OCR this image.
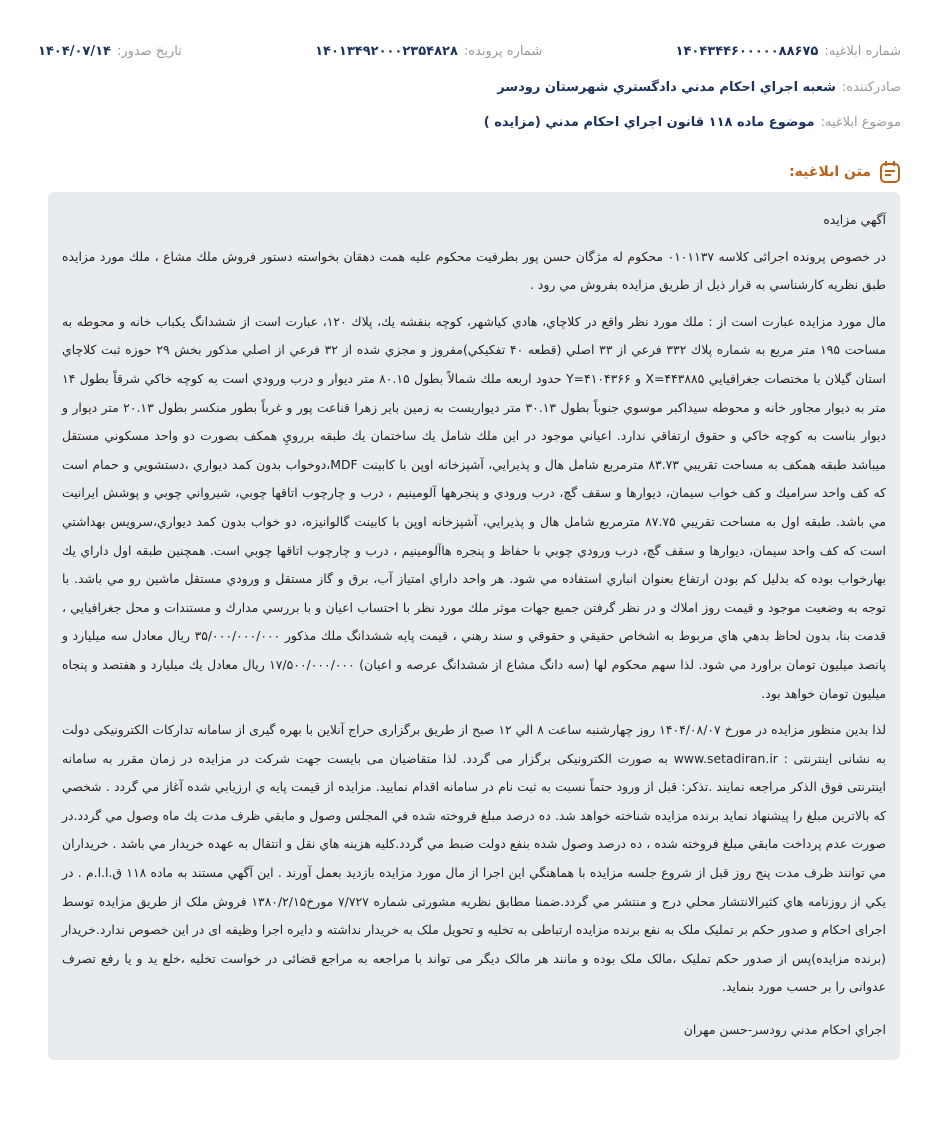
شماره ابلاغیه:
۱۴۰۴۳۴۴۶۰۰۰۰۰۸۸۶۷۵
شماره پرونده:
۱۴۰۱۳۴۹۲۰۰۰۲۳۵۴۸۲۸
تاریخ صدور:
۱۴۰۴/۰۷/۱۴
صادرکننده:
شعبه اجراي احكام مدني دادگستري شهرستان رودسر
موضوع ابلاغیه:
موضوع ماده ۱۱۸ قانون اجراي احكام مدني (مزايده )
متن ابلاغیه:

آگهي مزايده

در خصوص پرونده اجرائی کلاسه ۰۱۰۱۱۳۷ محکوم له مژگان حسن پور بطرفیت محکوم علیه همت دهقان بخواسته دستور فروش ملك مشاع ، ملك مورد مزايده طبق نظريه كارشناسي به قرار ذيل از طريق مزايده بفروش مي رود .

مال مورد مزايده عبارت است از : ملك مورد نظر واقع در كلاچاي، هادي كياشهر، كوچه بنفشه يك، پلاك ۱۲۰، عبارت است از ششدانگ يكباب خانه و محوطه به مساحت ۱۹۵ متر مربع به شماره پلاك ۳۳۲ فرعي از ۳۳ اصلي (قطعه ۴۰ تفكيكي)مفروز و مجزي شده از ۳۲ فرعي از اصلي مذكور بخش ۲۹ حوزه ثبت كلاچاي استان گيلان با مختصات جغرافيايي X=۴۴۳۸۸۵ و Y=۴۱۰۴۳۶۶ حدود اربعه ملك شمالاً بطول ۸۰.۱۵ متر ديوار و درب ورودي است به كوچه خاكي شرقاً بطول ۱۴ متر به ديوار مجاور خانه و محوطه سيداكبر موسوي جنوباً بطول ۳۰.۱۳ متر ديواريست به زمين باير زهرا قناعت پور و غرباً بطور منكسر بطول ۲۰.۱۳ متر ديوار و ديوار بناست به كوچه خاكي و حقوق ارتفاقي ندارد. اعياني موجود در اين ملك شامل يك ساختمان يك طبقه بررويِ همكف بصورت دو واحد مسكوني مستقل ميباشد طبقه همكف به مساحت تقريبي ۸۳.۷۳ مترمربع شامل هال و پذيرايي، آشپزخانه اوپن با كابينت MDF،دوخواب بدون كمد ديواري ،دستشويي و حمام است كه كف واحد سراميك و كف خواب سيمان، ديوارها و سقف گچ، درب ورودي و پنجرهها آلومينيم ، درب و چارچوب اتاقها چوبي، شيرواني چوبي و پوشش ايرانيت مي باشد. طبقه اول به مساحت تقريبي ۸۷.۷۵ مترمربع شامل هال و پذيرايي، آشپزخانه اوپن با كابينت گالوانيزه، دو خواب بدون كمد ديواري،سرويس بهداشتي است كه كف واحد سيمان، ديوارها و سقف گچ، درب ورودي چوبي با حفاظ و پنجره هاآلومينيم ، درب و چارچوب اتاقها چوبي است. همچنين طبقه اول داراي يك بهارخواب بوده كه بدليل كم بودن ارتفاع بعنوان انباري استفاده مي شود. هر واحد داراي امتياز آب، برق و گاز مستقل و ورودي مستقل ماشين رو مي باشد. با توجه به وضعيت موجود و قيمت روز املاك و در نظر گرفتن جميع جهات موثر ملك مورد نظر با احتساب اعيان و با بررسي مدارك و مستندات و محل جغرافيايي ، قدمت بنا، بدون لحاظ بدهي هاي مربوط به اشخاص حقيقي و حقوقي و سند رهني ، قيمت پايه ششدانگ ملك مذكور ۳۵/۰۰۰/۰۰۰/۰۰۰ ريال معادل سه ميليارد و پانصد ميليون تومان براورد مي شود. لذا سهم محكوم لها (سه دانگ مشاع از ششدانگ عرصه و اعيان) ۱۷/۵۰۰/۰۰۰/۰۰۰ ريال معادل يك ميليارد و هفتصد و پنجاه ميليون تومان خواهد بود.

لذا بدين منظور مزايده در مورخ ۱۴۰۴/۰۸/۰۷ روز چهارشنبه ساعت ۸ الي ۱۲ صبح از طریق برگزاری حراج آنلاین با بهره گیری از سامانه تدارکات الکترونیکی دولت به نشانی اینترنتی : www.setadiran.ir به صورت الکترونیکی برگزار می گردد. لذا متقاضیان می بایست جهت شرکت در مزایده در زمان مقرر به سامانه اینترنتی فوق الذکر مراجعه نمایند .تذکر: قبل از ورود حتماً نسبت به ثبت نام در سامانه اقدام نمایید. مزايده از قيمت پايه ي ارزيابي شده آغاز مي گردد . شخصي كه بالاترين مبلغ را پيشنهاد نمايد برنده مزايده شناخته خواهد شد. ده درصد مبلغ فروخته شده في المجلس وصول و مابقي ظرف مدت يك ماه وصول مي گردد.در صورت عدم پرداخت مابقي مبلغ فروخته شده ، ده درصد وصول شده بنفع دولت ضبط مي گردد.كليه هزينه هاي نقل و انتقال به عهده خريدار مي باشد . خريداران مي توانند ظرف مدت پنج روز قبل از شروع جلسه مزايده با هماهنگي اين اجرا از مال مورد مزايده بازديد بعمل آورند . اين آگهي مستند به ماده ۱۱۸ ق.ا.ا.م . در يكي از روزنامه هاي كثيرالانتشار محلي درج و منتشر مي گردد.ضمنا مطابق نظریه مشورتی شماره ۷/۷۲۷ مورخ۱۳۸۰/۲/۱۵ فروش ملک از طریق مزایده توسط اجرای احکام و صدور حکم بر تملیک ملک به نفع برنده مزایده ارتباطی به تخلیه و تحویل ملک به خریدار نداشته و دایره اجرا وظیفه ای در این خصوص ندارد.خریدار (برنده مزایده)پس از صدور حکم تملیک ،مالک ملک بوده و مانند هر مالک دیگر می تواند با مراجعه به مراجع قضائی در خواست تخلیه ،خلع ید و یا رفع تصرف عدوانی را بر حسب مورد بنماید.

اجراي احكام مدني رودسر-حسن مهران
